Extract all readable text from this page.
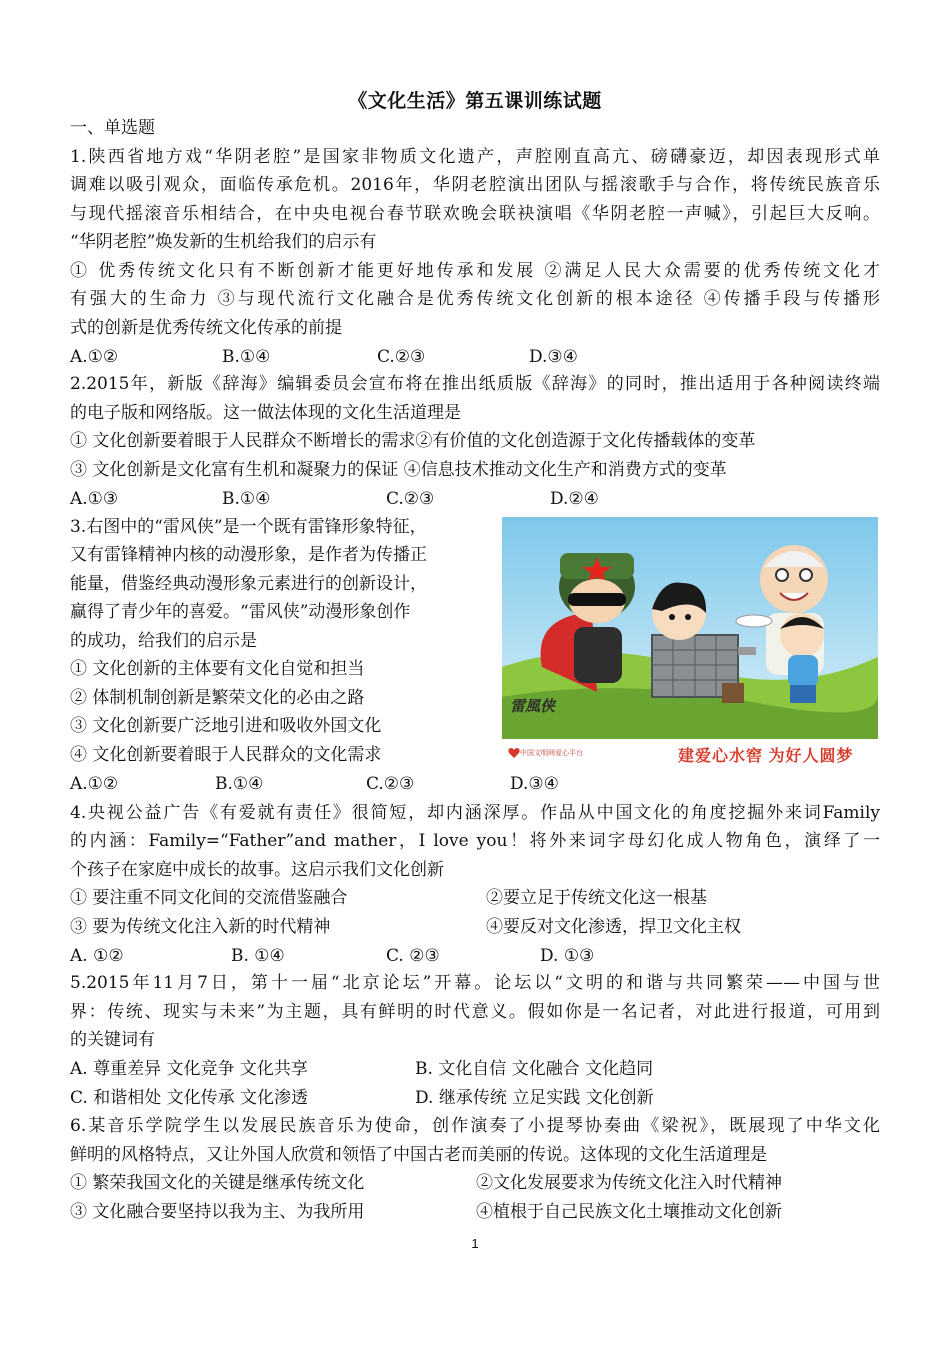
《文化生活》第五课训练试题
一、单选题
1.陕西省地方戏“华阴老腔”是国家非物质文化遗产，声腔刚直高亢、磅礴豪迈，却因表现形式单
调难以吸引观众，面临传承危机。2016年，华阴老腔演出团队与摇滚歌手与合作，将传统民族音乐
与现代摇滚音乐相结合，在中央电视台春节联欢晚会联袂演唱《华阴老腔一声喊》，引起巨大反响。
“华阴老腔”焕发新的生机给我们的启示有
① 优秀传统文化只有不断创新才能更好地传承和发展 ②满足人民大众需要的优秀传统文化才
有强大的生命力 ③与现代流行文化融合是优秀传统文化创新的根本途径 ④传播手段与传播形
式的创新是优秀传统文化传承的前提
A.①②	B.①④	C.②③	D.③④
2.2015年，新版《辞海》编辑委员会宣布将在推出纸质版《辞海》的同时，推出适用于各种阅读终端
的电子版和网络版。这一做法体现的文化生活道理是
① 文化创新要着眼于人民群众不断增长的需求②有价值的文化创造源于文化传播载体的变革
③ 文化创新是文化富有生机和凝聚力的保证 ④信息技术推动文化生产和消费方式的变革
A.①③	B.①④	C.②③	D.②④
3.右图中的“雷风侠”是一个既有雷锋形象特征，
又有雷锋精神内核的动漫形象，是作者为传播正
能量，借鉴经典动漫形象元素进行的创新设计，
赢得了青少年的喜爱。“雷风侠”动漫形象创作
的成功，给我们的启示是
① 文化创新的主体要有文化自觉和担当
② 体制机制创新是繁荣文化的必由之路
③ 文化创新要广泛地引进和吸收外国文化
④ 文化创新要着眼于人民群众的文化需求
A.①②	B.①④	C.②③	D.③④
雷風侠
中国文明网爱心平台	建爱心水窖 为好人圆梦
4.央视公益广告《有爱就有责任》很简短，却内涵深厚。作品从中国文化的角度挖掘外来词Family
的内涵：Family=“Father”and mather，I love you！将外来词字母幻化成人物角色，演绎了一
个孩子在家庭中成长的故事。这启示我们文化创新
① 要注重不同文化间的交流借鉴融合	②要立足于传统文化这一根基
③ 要为传统文化注入新的时代精神	④要反对文化渗透，捍卫文化主权
A. ①②	B. ①④	C. ②③	D. ①③
5.2015年11月7日，第十一届“北京论坛”开幕。论坛以“文明的和谐与共同繁荣——中国与世
界：传统、现实与未来”为主题，具有鲜明的时代意义。假如你是一名记者，对此进行报道，可用到
的关键词有
A. 尊重差异 文化竞争 文化共享	B. 文化自信 文化融合 文化趋同
C. 和谐相处 文化传承 文化渗透	D. 继承传统 立足实践 文化创新
6.某音乐学院学生以发展民族音乐为使命，创作演奏了小提琴协奏曲《梁祝》，既展现了中华文化
鲜明的风格特点，又让外国人欣赏和领悟了中国古老而美丽的传说。这体现的文化生活道理是
① 繁荣我国文化的关键是继承传统文化	②文化发展要求为传统文化注入时代精神
③ 文化融合要坚持以我为主、为我所用	④植根于自己民族文化土壤推动文化创新
1
